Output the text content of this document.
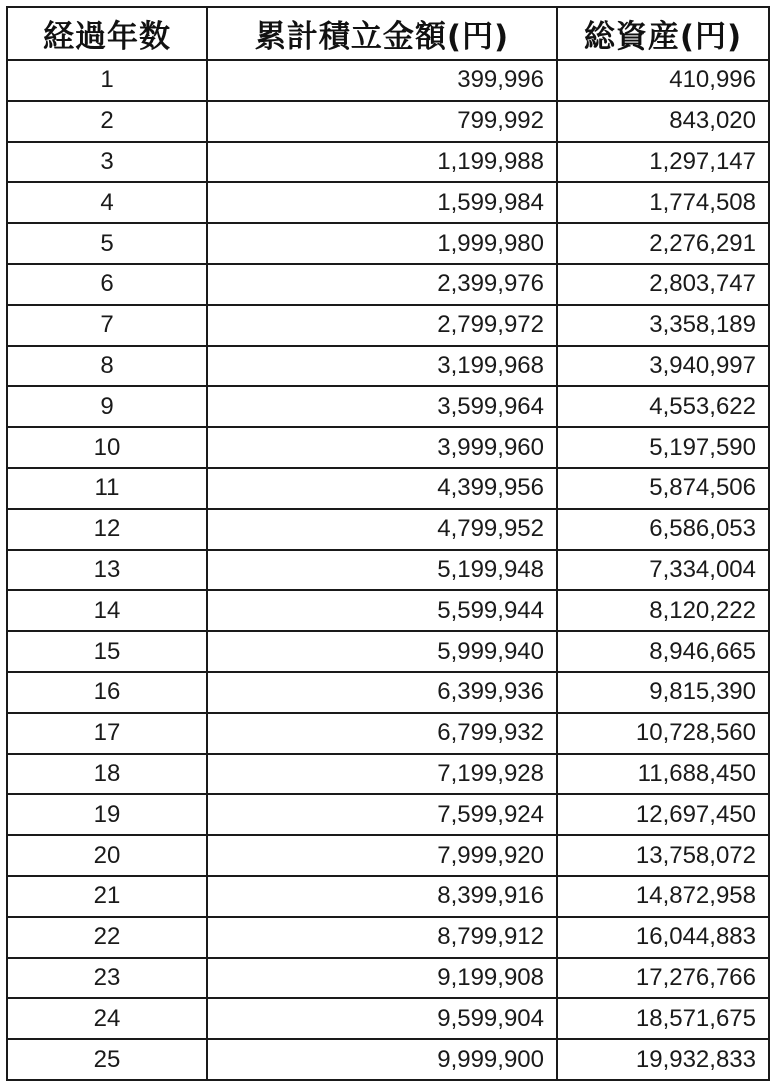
経過年数	累計積立金額(円)	総資産(円)
1	399,996	410,996
2	799,992	843,020
3	1,199,988	1,297,147
4	1,599,984	1,774,508
5	1,999,980	2,276,291
6	2,399,976	2,803,747
7	2,799,972	3,358,189
8	3,199,968	3,940,997
9	3,599,964	4,553,622
10	3,999,960	5,197,590
11	4,399,956	5,874,506
12	4,799,952	6,586,053
13	5,199,948	7,334,004
14	5,599,944	8,120,222
15	5,999,940	8,946,665
16	6,399,936	9,815,390
17	6,799,932	10,728,560
18	7,199,928	11,688,450
19	7,599,924	12,697,450
20	7,999,920	13,758,072
21	8,399,916	14,872,958
22	8,799,912	16,044,883
23	9,199,908	17,276,766
24	9,599,904	18,571,675
25	9,999,900	19,932,833
